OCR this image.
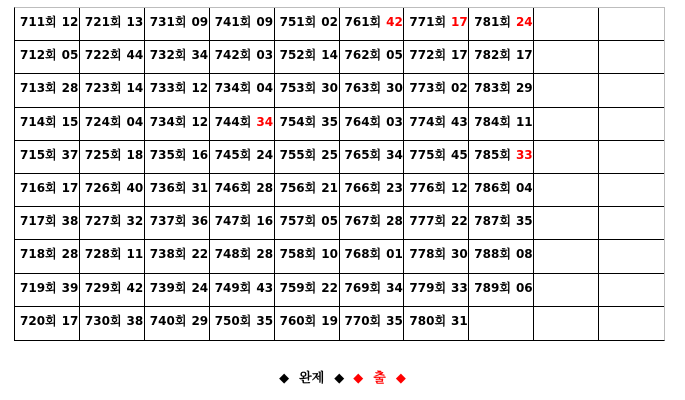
711회 12 721회 13 731회 09 741회 09 751회 02 761회 42 771회 17 781회 24
712회 05 722회 44 732회 34 742회 03 752회 14 762회 05 772회 17 782회 17
713회 28 723회 14 733회 12 734회 04 753회 30 763회 30 773회 02 783회 29
714회 15 724회 04 734회 12 744회 34 754회 35 764회 03 774회 43 784회 11
715회 37 725회 18 735회 16 745회 24 755회 25 765회 34 775회 45 785회 33
716회 17 726회 40 736회 31 746회 28 756회 21 766회 23 776회 12 786회 04
717회 38 727회 32 737회 36 747회 16 757회 05 767회 28 777회 22 787회 35
718회 28 728회 11 738회 22 748회 28 758회 10 768회 01 778회 30 788회 08
719회 39 729회 42 739회 24 749회 43 759회 22 769회 34 779회 33 789회 06
720회 17 730회 38 740회 29 750회 35 760회 19 770회 35 780회 31
◆ 완제 ◆ ◆ 출 ◆
